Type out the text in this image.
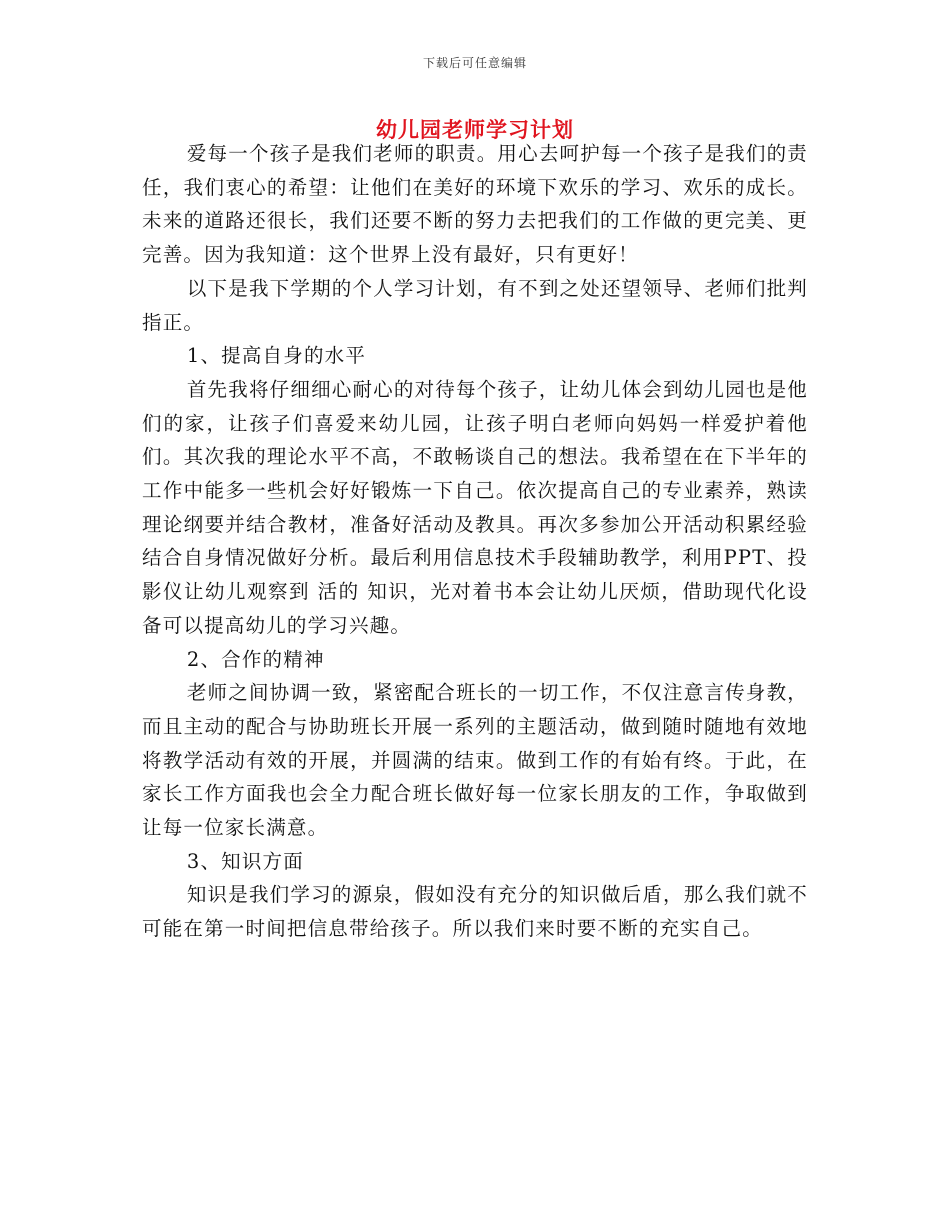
下载后可任意编辑
幼儿园老师学习计划

爱每一个孩子是我们老师的职责。用心去呵护每一个孩子是我们的责任，我们衷心的希望：让他们在美好的环境下欢乐的学习、欢乐的成长。未来的道路还很长，我们还要不断的努力去把我们的工作做的更完美、更完善。因为我知道：这个世界上没有最好，只有更好！

以下是我下学期的个人学习计划，有不到之处还望领导、老师们批判指正。

1、提高自身的水平

首先我将仔细细心耐心的对待每个孩子，让幼儿体会到幼儿园也是他们的家，让孩子们喜爱来幼儿园，让孩子明白老师向妈妈一样爱护着他们。其次我的理论水平不高，不敢畅谈自己的想法。我希望在在下半年的工作中能多一些机会好好锻炼一下自己。依次提高自己的专业素养，熟读理论纲要并结合教材，准备好活动及教具。再次多参加公开活动积累经验结合自身情况做好分析。最后利用信息技术手段辅助教学，利用PPT、投影仪让幼儿观察到 活的 知识，光对着书本会让幼儿厌烦，借助现代化设备可以提高幼儿的学习兴趣。

2、合作的精神

老师之间协调一致，紧密配合班长的一切工作，不仅注意言传身教，而且主动的配合与协助班长开展一系列的主题活动，做到随时随地有效地将教学活动有效的开展，并圆满的结束。做到工作的有始有终。于此，在家长工作方面我也会全力配合班长做好每一位家长朋友的工作，争取做到让每一位家长满意。

3、知识方面

知识是我们学习的源泉，假如没有充分的知识做后盾，那么我们就不可能在第一时间把信息带给孩子。所以我们来时要不断的充实自己。
